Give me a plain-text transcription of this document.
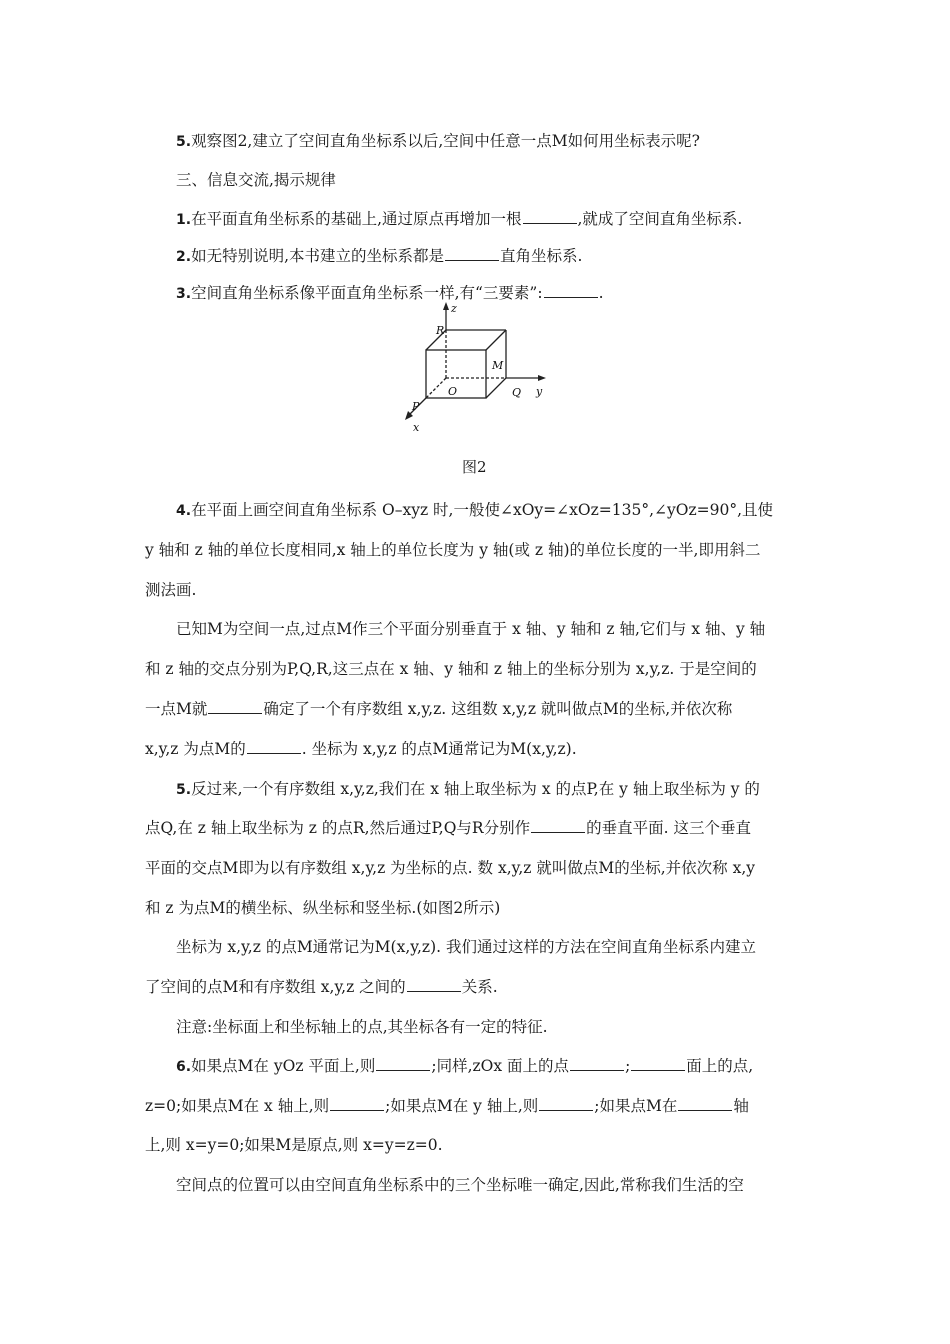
5.观察图2,建立了空间直角坐标系以后,空间中任意一点M如何用坐标表示呢?
三、信息交流,揭示规律
1.在平面直角坐标系的基础上,通过原点再增加一根	,就成了空间直角坐标系.
2.如无特别说明,本书建立的坐标系都是	直角坐标系.
3.空间直角坐标系像平面直角坐标系一样,有“三要素”:	.
4.在平面上画空间直角坐标系 O–xyz 时,一般使∠xOy=∠xOz=135°,∠yOz=90°,且使
y 轴和 z 轴的单位长度相同,x 轴上的单位长度为 y 轴(或 z 轴)的单位长度的一半,即用斜二
测法画.
已知M为空间一点,过点M作三个平面分别垂直于 x 轴、y 轴和 z 轴,它们与 x 轴、y 轴
和 z 轴的交点分别为P,Q,R,这三点在 x 轴、y 轴和 z 轴上的坐标分别为 x,y,z. 于是空间的
一点M就	确定了一个有序数组 x,y,z. 这组数 x,y,z 就叫做点M的坐标,并依次称
x,y,z 为点M的	. 坐标为 x,y,z 的点M通常记为M(x,y,z).
5.反过来,一个有序数组 x,y,z,我们在 x 轴上取坐标为 x 的点P,在 y 轴上取坐标为 y 的
点Q,在 z 轴上取坐标为 z 的点R,然后通过P,Q与R分别作	的垂直平面. 这三个垂直
平面的交点M即为以有序数组 x,y,z 为坐标的点. 数 x,y,z 就叫做点M的坐标,并依次称 x,y
和 z 为点M的横坐标、纵坐标和竖坐标.(如图2所示)
坐标为 x,y,z 的点M通常记为M(x,y,z). 我们通过这样的方法在空间直角坐标系内建立
了空间的点M和有序数组 x,y,z 之间的	关系.
注意:坐标面上和坐标轴上的点,其坐标各有一定的特征.
6.如果点M在 yOz 平面上,则	;同样,zOx 面上的点	;	面上的点,
z=0;如果点M在 x 轴上,则	;如果点M在 y 轴上,则	;如果点M在	轴
上,则 x=y=0;如果M是原点,则 x=y=z=0.
空间点的位置可以由空间直角坐标系中的三个坐标唯一确定,因此,常称我们生活的空
z
R
M
O	Q y
P
x
图2
